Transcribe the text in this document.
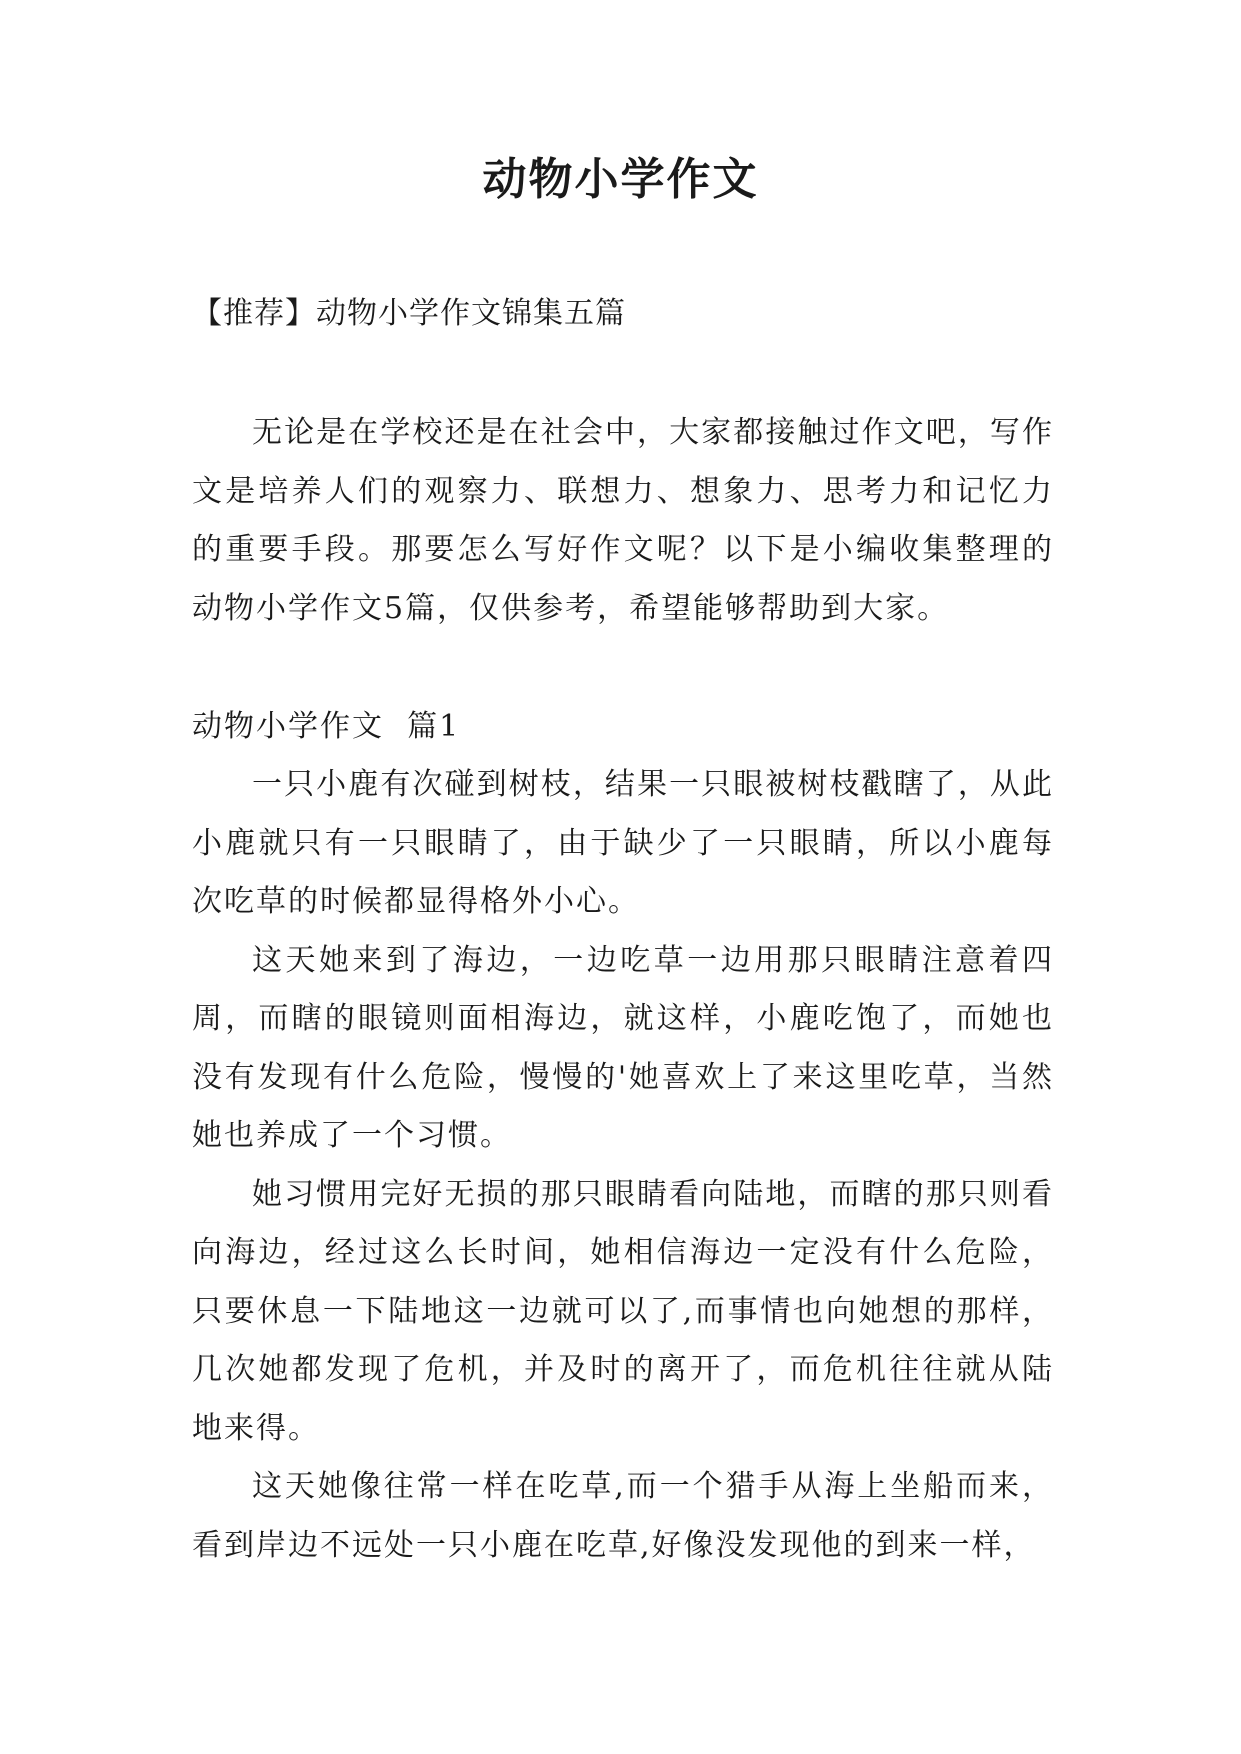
动物小学作文
【推荐】动物小学作文锦集五篇

无论是在学校还是在社会中，大家都接触过作文吧，写作文是培养人们的观察力、联想力、想象力、思考力和记忆力的重要手段。那要怎么写好作文呢？以下是小编收集整理的动物小学作文5篇，仅供参考，希望能够帮助到大家。

动物小学作文  篇1

一只小鹿有次碰到树枝，结果一只眼被树枝戳瞎了，从此小鹿就只有一只眼睛了，由于缺少了一只眼睛，所以小鹿每次吃草的时候都显得格外小心。

这天她来到了海边，一边吃草一边用那只眼睛注意着四周，而瞎的眼镜则面相海边，就这样，小鹿吃饱了，而她也没有发现有什么危险，慢慢的'她喜欢上了来这里吃草，当然她也养成了一个习惯。

她习惯用完好无损的那只眼睛看向陆地，而瞎的那只则看向海边，经过这么长时间，她相信海边一定没有什么危险，只要休息一下陆地这一边就可以了,而事情也向她想的那样，几次她都发现了危机，并及时的离开了，而危机往往就从陆地来得。

这天她像往常一样在吃草,而一个猎手从海上坐船而来，看到岸边不远处一只小鹿在吃草,好像没发现他的到来一样，
